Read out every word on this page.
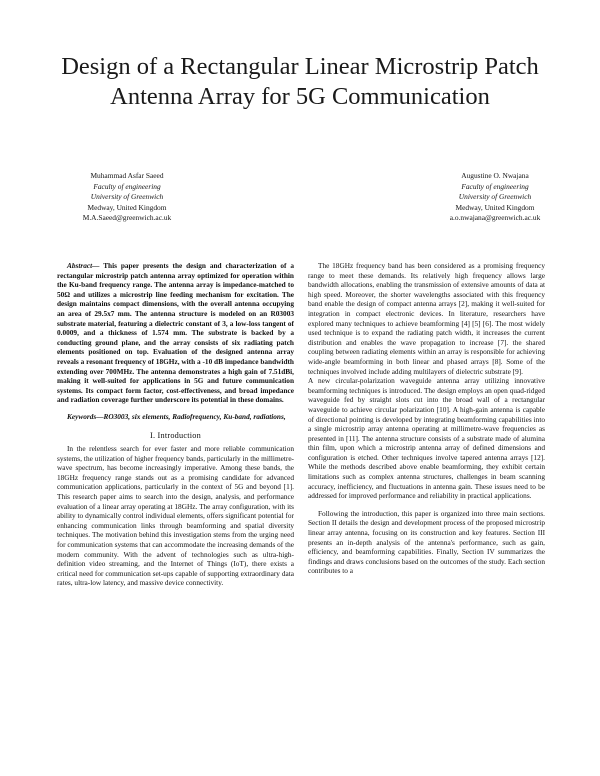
Design of a Rectangular Linear Microstrip Patch Antenna Array for 5G Communication
Muhammad Asfar Saeed
Faculty of engineering
University of Greenwich
Medway, United Kingdom
M.A.Saeed@greenwich.ac.uk
Augustine O. Nwajana
Faculty of engineering
University of Greenwich
Medway, United Kingdom
a.o.nwajana@greenwich.ac.uk

Abstract— This paper presents the design and characterization of a rectangular microstrip patch antenna array optimized for operation within the Ku-band frequency range. The antenna array is impedance-matched to 50Ω and utilizes a microstrip line feeding mechanism for excitation. The design maintains compact dimensions, with the overall antenna occupying an area of 29.5x7 mm. The antenna structure is modeled on an R03003 substrate material, featuring a dielectric constant of 3, a low-loss tangent of 0.0009, and a thickness of 1.574 mm. The substrate is backed by a conducting ground plane, and the array consists of six radiating patch elements positioned on top. Evaluation of the designed antenna array reveals a resonant frequency of 18GHz, with a -10 dB impedance bandwidth extending over 700MHz. The antenna demonstrates a high gain of 7.51dBi, making it well-suited for applications in 5G and future communication systems. Its compact form factor, cost-effectiveness, and broad impedance and radiation coverage further underscore its potential in these domains.

Keywords—RO3003, six elements, Radiofrequency, Ku-band, radiations,

I. Introduction

In the relentless search for ever faster and more reliable communication systems, the utilization of higher frequency bands, particularly in the millimetre-wave spectrum, has become increasingly imperative. Among these bands, the 18GHz frequency range stands out as a promising candidate for advanced communication applications, particularly in the context of 5G and beyond [1]. This research paper aims to search into the design, analysis, and performance evaluation of a linear array operating at 18GHz. The array configuration, with its ability to dynamically control individual elements, offers significant potential for enhancing communication links through beamforming and spatial diversity techniques. The motivation behind this investigation stems from the urging need for communication systems that can accommodate the increasing demands of the modern community. With the advent of technologies such as ultra-high-definition video streaming, and the Internet of Things (IoT), there exists a critical need for communication set-ups capable of supporting extraordinary data rates, ultra-low latency, and massive device connectivity.

The 18GHz frequency band has been considered as a promising frequency range to meet these demands. Its relatively high frequency allows large bandwidth allocations, enabling the transmission of extensive amounts of data at high speed. Moreover, the shorter wavelengths associated with this frequency band enable the design of compact antenna arrays [2], making it well-suited for integration in compact electronic devices. In literature, researchers have explored many techniques to achieve beamforming [4] [5] [6]. The most widely used technique is to expand the radiating patch width, it increases the current distribution and enables the wave propagation to increase [7]. the shared coupling between radiating elements within an array is responsible for achieving wide-angle beamforming in both linear and phased arrays [8]. Some of the techniques involved include adding multilayers of dielectric substrate [9].

A new circular-polarization waveguide antenna array utilizing innovative beamforming techniques is introduced. The design employs an open quad-ridged waveguide fed by straight slots cut into the broad wall of a rectangular waveguide to achieve circular polarization [10]. A high-gain antenna is capable of directional pointing is developed by integrating beamforming capabilities into a single microstrip array antenna operating at millimetre-wave frequencies as presented in [11]. The antenna structure consists of a substrate made of alumina thin film, upon which a microstrip antenna array of defined dimensions and configuration is etched. Other techniques involve tapered antenna arrays [12]. While the methods described above enable beamforming, they exhibit certain limitations such as complex antenna structures, challenges in beam scanning accuracy, inefficiency, and fluctuations in antenna gain. These issues need to be addressed for improved performance and reliability in practical applications.

Following the introduction, this paper is organized into three main sections. Section II details the design and development process of the proposed microstrip linear array antenna, focusing on its construction and key features. Section III presents an in-depth analysis of the antenna's performance, such as gain, efficiency, and beamforming capabilities. Finally, Section IV summarizes the findings and draws conclusions based on the outcomes of the study. Each section contributes to a
